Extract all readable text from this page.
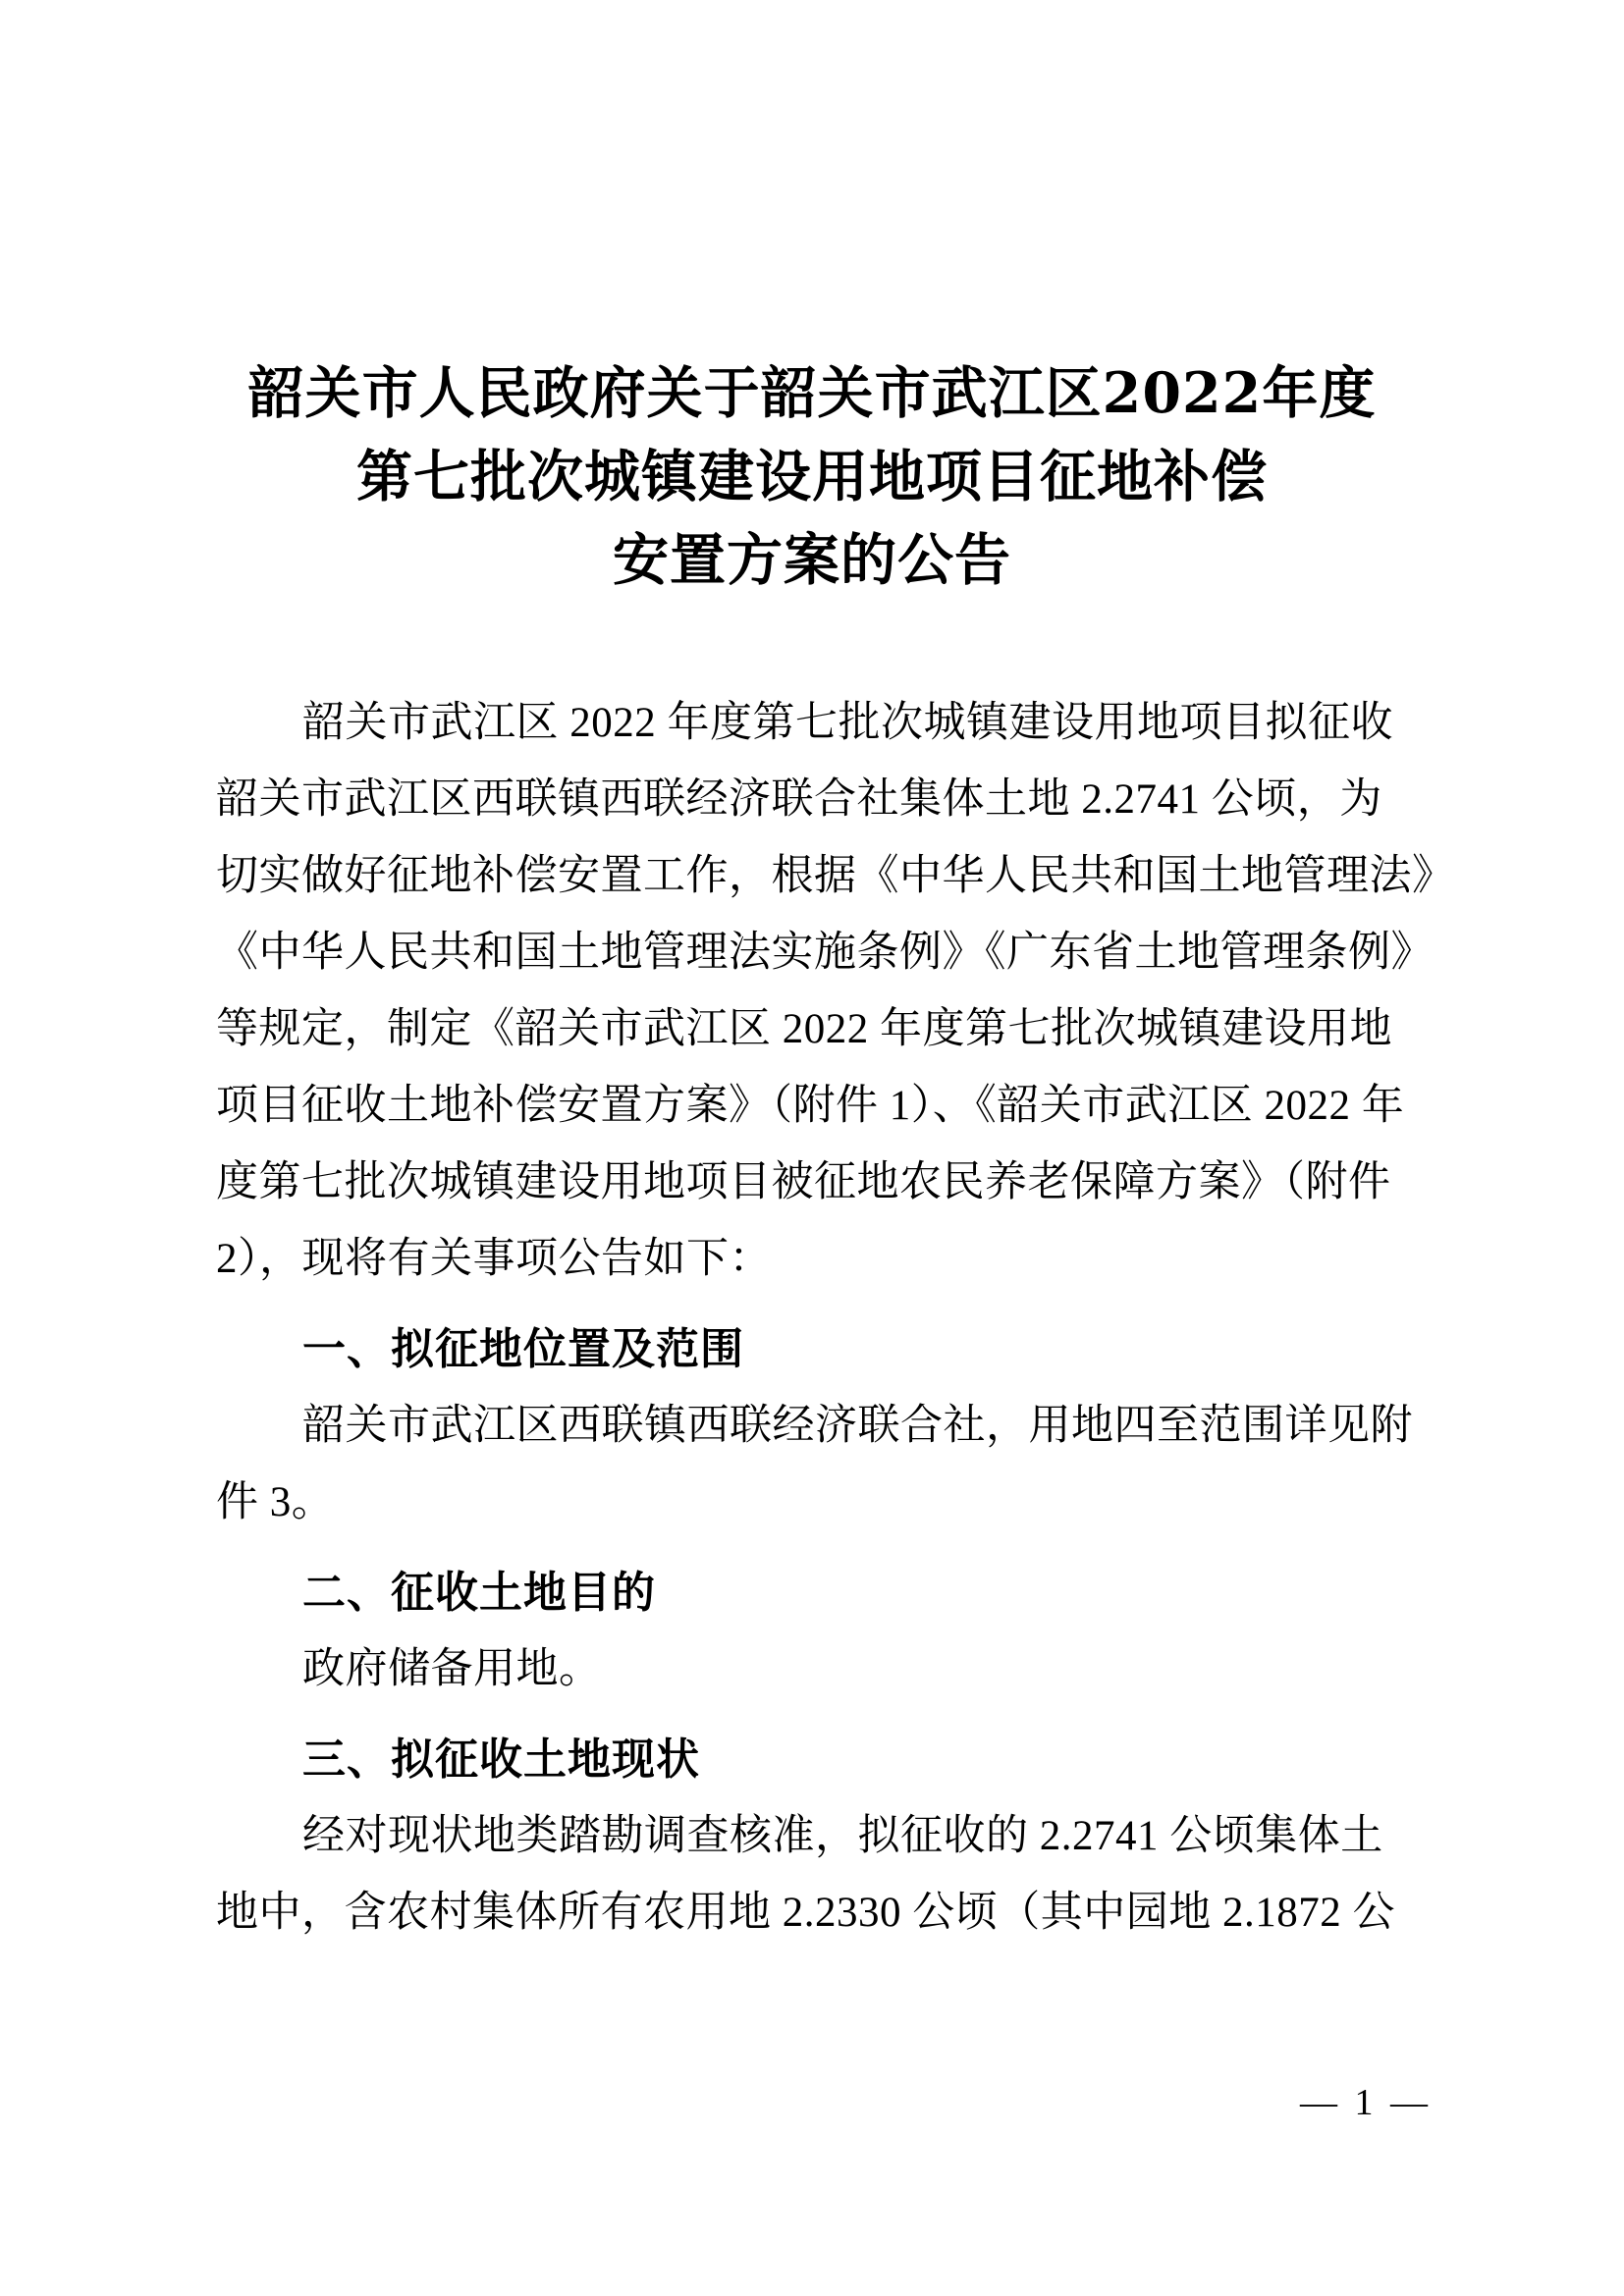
韶关市人民政府关于韶关市武江区2022年度
第七批次城镇建设用地项目征地补偿
安置方案的公告
韶关市武江区 2022 年度第七批次城镇建设用地项目拟征收
韶关市武江区西联镇西联经济联合社集体土地 2.2741 公顷，为
切实做好征地补偿安置工作，根据《中华人民共和国土地管理法》
《中华人民共和国土地管理法实施条例》《广东省土地管理条例》
等规定，制定《韶关市武江区 2022 年度第七批次城镇建设用地
项目征收土地补偿安置方案》（附件 1）、《韶关市武江区 2022 年
度第七批次城镇建设用地项目被征地农民养老保障方案》（附件
2），现将有关事项公告如下：
一、拟征地位置及范围
韶关市武江区西联镇西联经济联合社，用地四至范围详见附
件 3。
二、征收土地目的
政府储备用地。
三、拟征收土地现状
经对现状地类踏勘调查核准，拟征收的 2.2741 公顷集体土
地中，含农村集体所有农用地 2.2330 公顷（其中园地 2.1872 公
— 1 —
